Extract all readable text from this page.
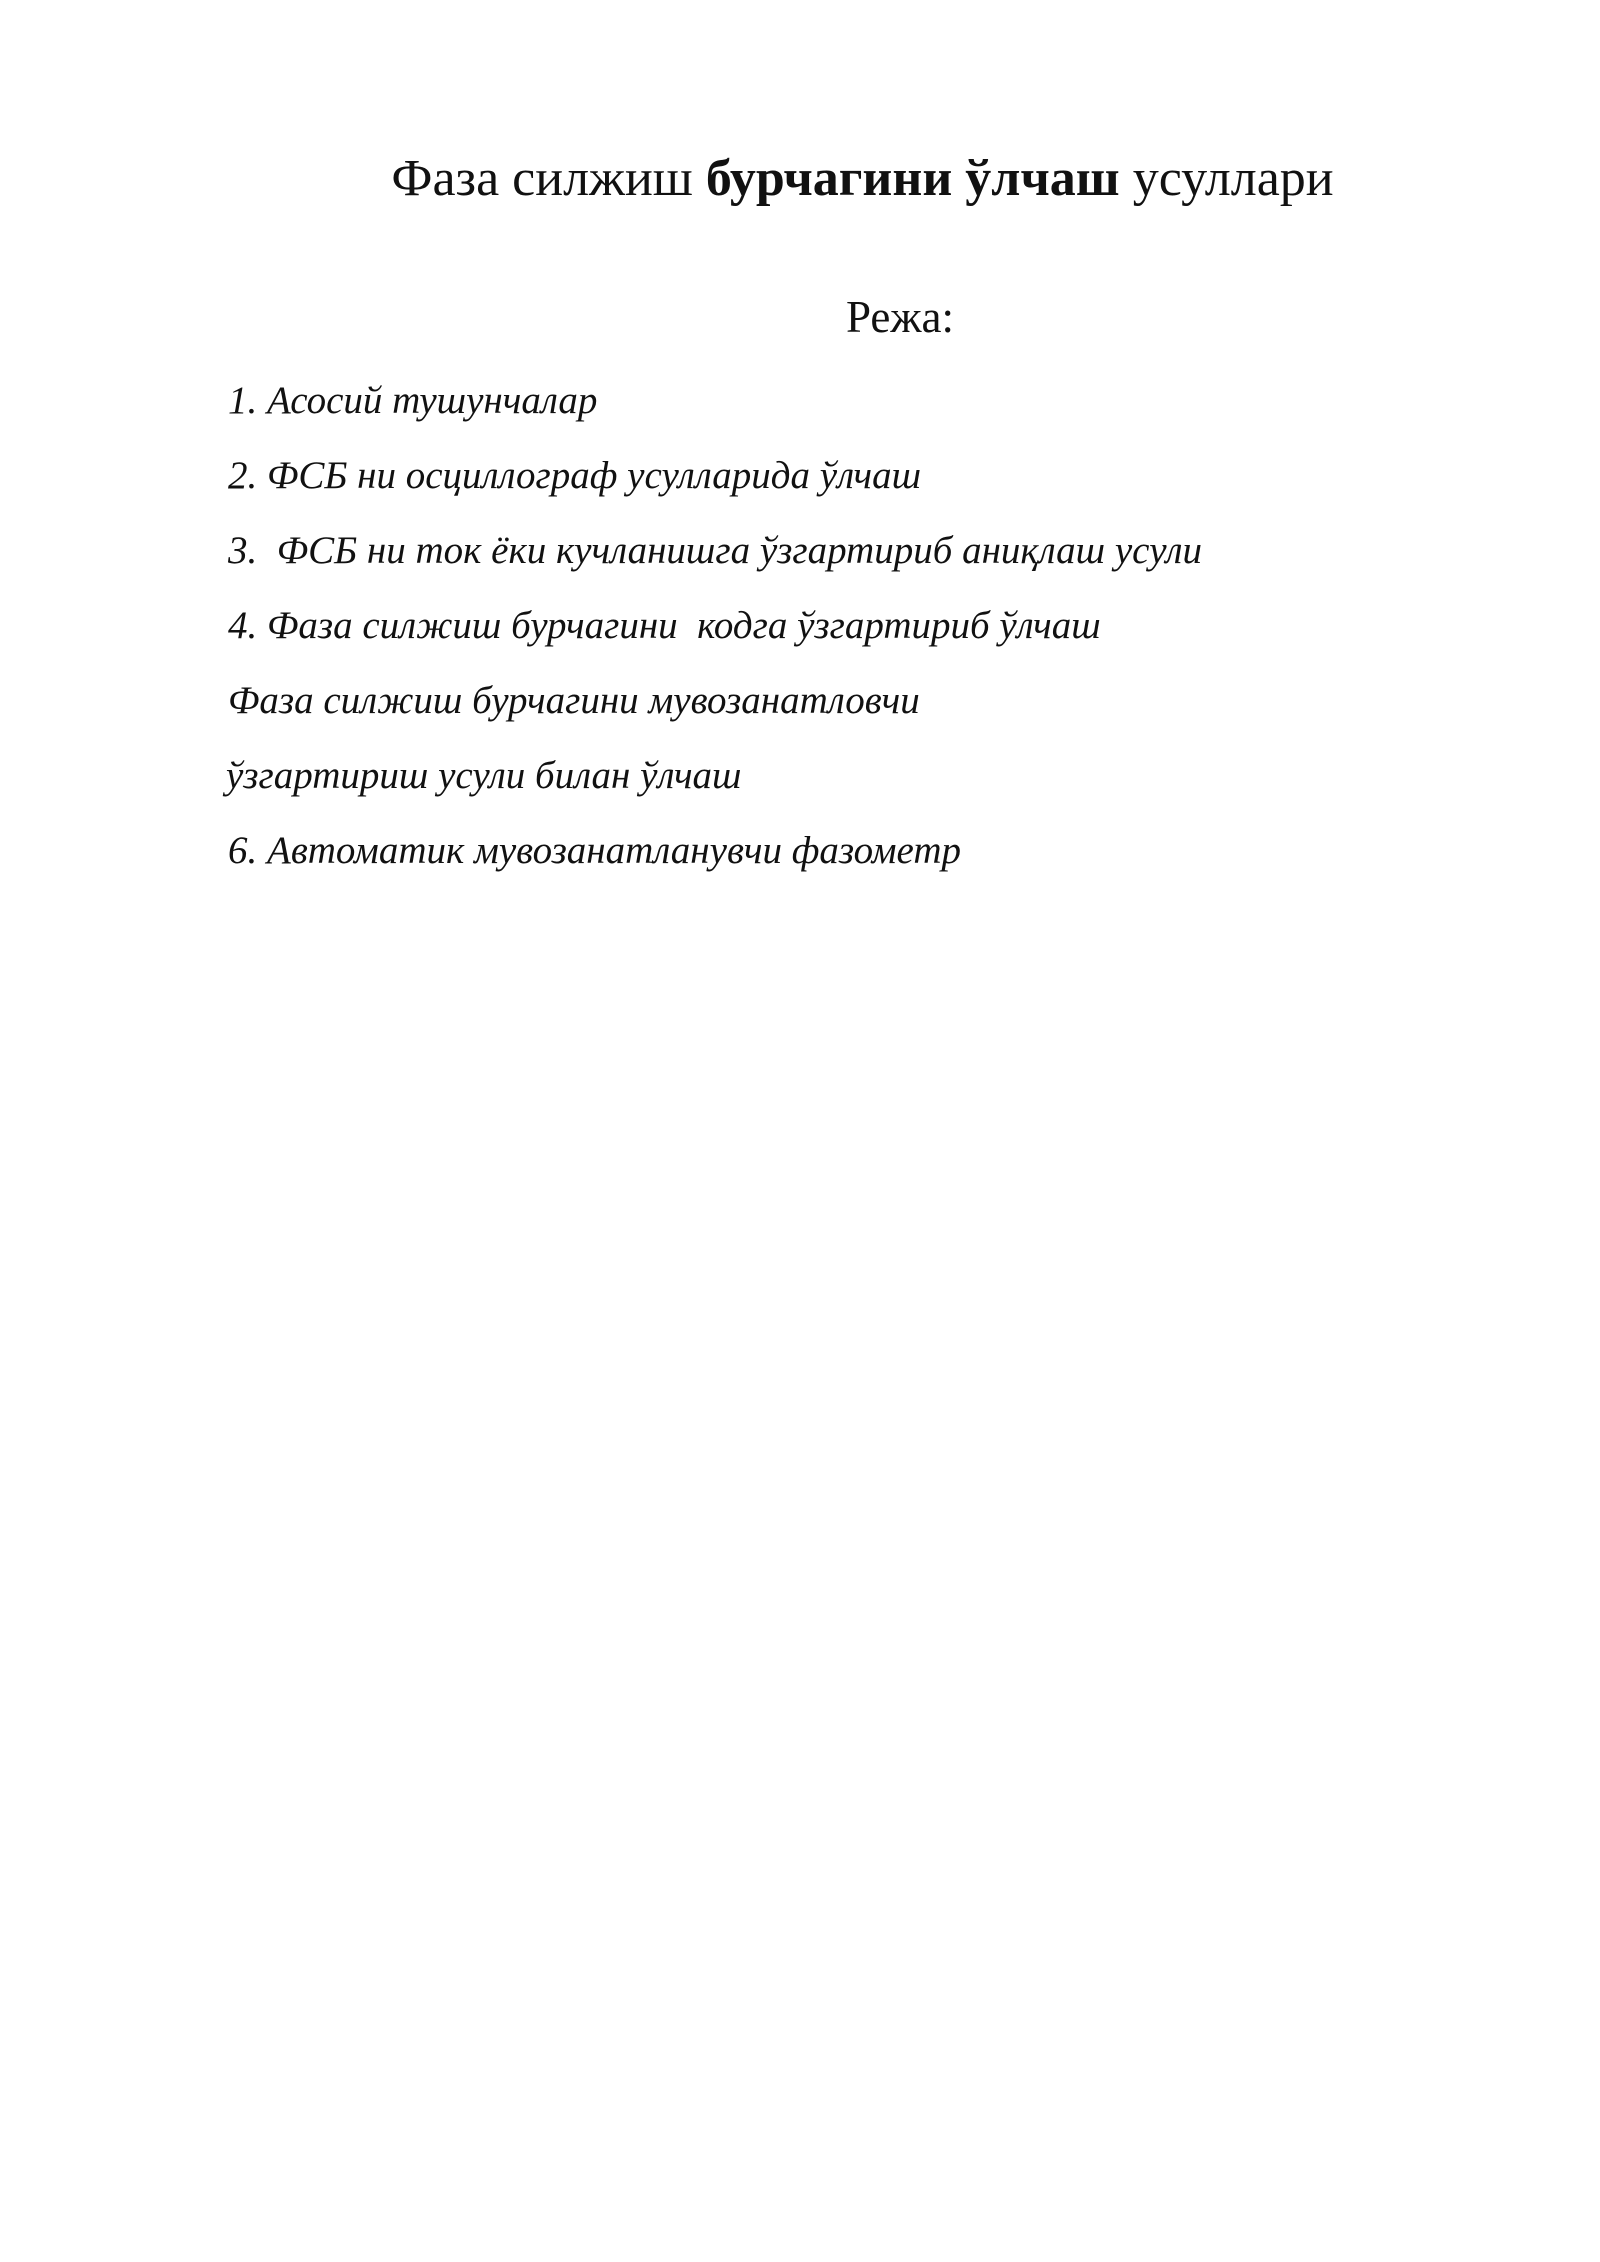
Фаза силжиш бурчагини ўлчаш усуллари
Режа:
1. Асосий тушунчалар
2. ФСБ ни осциллограф усулларида ўлчаш
3.  ФСБ ни ток ёки кучланишга ўзгартириб аниқлаш усули
4. Фаза силжиш бурчагини  кодга ўзгартириб ўлчаш
Фаза силжиш бурчагини мувозанатловчи
ўзгартириш усули билан ўлчаш
6. Автоматик мувозанатланувчи фазометр
